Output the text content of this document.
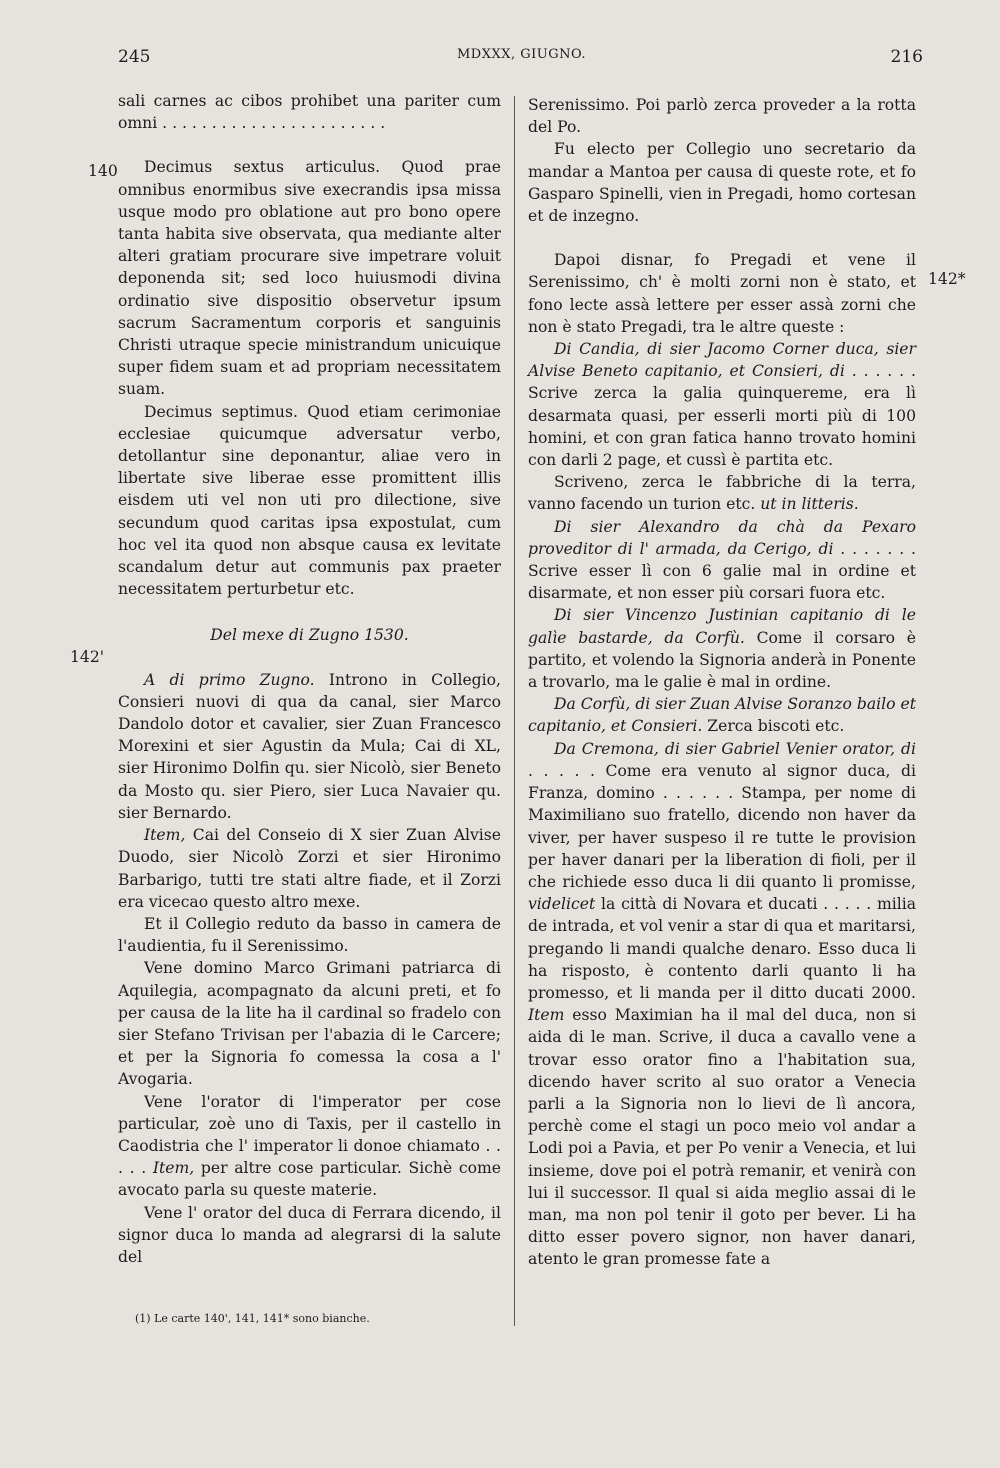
245	MDXXX, GIUGNO.	216
140
142'
142*

sali carnes ac cibos prohibet una pariter cum omni . . . . . . . . . . . . . . . . . . . . . . .

Decimus sextus articulus. Quod prae omnibus enormibus sive execrandis ipsa missa usque modo pro oblatione aut pro bono opere tanta habita sive observata, qua mediante alter alteri gratiam procurare sive impetrare voluit deponenda sit; sed loco huiusmodi divina ordinatio sive dispositio observetur ipsum sacrum Sacramentum corporis et sanguinis Christi utraque specie ministrandum unicuique super fidem suam et ad propriam necessitatem suam.

Decimus septimus. Quod etiam cerimoniae ecclesiae quicumque adversatur verbo, detollantur sine deponantur, aliae vero in libertate sive liberae esse promittent illis eisdem uti vel non uti pro dilectione, sive secundum quod caritas ipsa expostulat, cum hoc vel ita quod non absque causa ex levitate scandalum detur aut communis pax praeter necessitatem perturbetur etc.

Del mexe di Zugno 1530.

A di primo Zugno. Introno in Collegio, Consieri nuovi di qua da canal, sier Marco Dandolo dotor et cavalier, sier Zuan Francesco Morexini et sier Agustin da Mula; Cai di XL, sier Hironimo Dolfin qu. sier Nicolò, sier Beneto da Mosto qu. sier Piero, sier Luca Navaier qu. sier Bernardo.

Item, Cai del Conseio di X sier Zuan Alvise Duodo, sier Nicolò Zorzi et sier Hironimo Barbarigo, tutti tre stati altre fiade, et il Zorzi era vicecao questo altro mexe.

Et il Collegio reduto da basso in camera de l'audientia, fu il Serenissimo.

Vene domino Marco Grimani patriarca di Aquilegia, acompagnato da alcuni preti, et fo per causa de la lite ha il cardinal so fradelo con sier Stefano Trivisan per l'abazia di le Carcere; et per la Signoria fo comessa la cosa a l' Avogaria.

Vene l'orator di l'imperator per cose particular, zoè uno di Taxis, per il castello in Caodistria che l' imperator li donoe chiamato . . . . . Item, per altre cose particular. Sichè come avocato parla su queste materie.

Vene l' orator del duca di Ferrara dicendo, il signor duca lo manda ad alegrarsi di la salute del

(1) Le carte 140', 141, 141* sono bianche.

Serenissimo. Poi parlò zerca proveder a la rotta del Po.

Fu electo per Collegio uno secretario da mandar a Mantoa per causa di queste rote, et fo Gasparo Spinelli, vien in Pregadi, homo cortesan et de inzegno.

Dapoi disnar, fo Pregadi et vene il Serenissimo, ch' è molti zorni non è stato, et fono lecte assà lettere per esser assà zorni che non è stato Pregadi, tra le altre queste :

Di Candia, di sier Jacomo Corner duca, sier Alvise Beneto capitanio, et Consieri, di . . . . . . Scrive zerca la galia quinquereme, era lì desarmata quasi, per esserli morti più di 100 homini, et con gran fatica hanno trovato homini con darli 2 page, et cussì è partita etc.

Scriveno, zerca le fabbriche di la terra, vanno facendo un turion etc. ut in litteris.

Di sier Alexandro da chà da Pexaro proveditor di l' armada, da Cerigo, di . . . . . . . Scrive esser lì con 6 galie mal in ordine et disarmate, et non esser più corsari fuora etc.

Di sier Vincenzo Justinian capitanio di le galìe bastarde, da Corfù. Come il corsaro è partito, et volendo la Signoria anderà in Ponente a trovarlo, ma le galie è mal in ordine.

Da Corfù, di sier Zuan Alvise Soranzo bailo et capitanio, et Consieri. Zerca biscoti etc.

Da Cremona, di sier Gabriel Venier orator, di . . . . . Come era venuto al signor duca, di Franza, domino . . . . . . Stampa, per nome di Maximiliano suo fratello, dicendo non haver da viver, per haver suspeso il re tutte le provision per haver danari per la liberation di fioli, per il che richiede esso duca li dii quanto li promisse, videlicet la città di Novara et ducati . . . . . milia de intrada, et vol venir a star di qua et maritarsi, pregando li mandi qualche denaro. Esso duca li ha risposto, è contento darli quanto li ha promesso, et li manda per il ditto ducati 2000. Item esso Maximian ha il mal del duca, non si aida di le man. Scrive, il duca a cavallo vene a trovar esso orator fino a l'habitation sua, dicendo haver scrito al suo orator a Venecia parli a la Signoria non lo lievi de lì ancora, perchè come el stagi un poco meio vol andar a Lodi poi a Pavia, et per Po venir a Venecia, et lui insieme, dove poi el potrà remanir, et venirà con lui il successor. Il qual si aida meglio assai di le man, ma non pol tenir il goto per bever. Li ha ditto esser povero signor, non haver danari, atento le gran promesse fate a
